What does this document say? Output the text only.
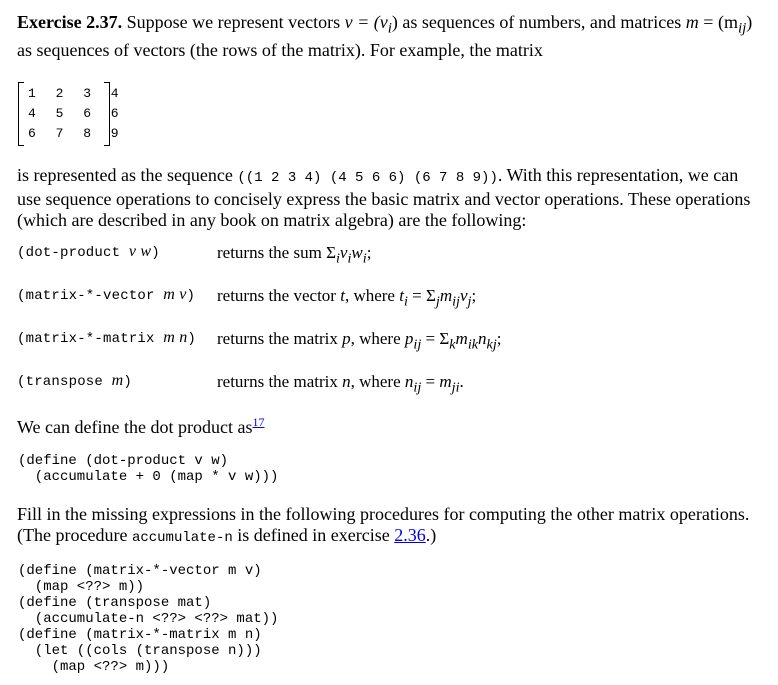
Exercise 2.37. Suppose we represent vectors $v = (v_i)$ as sequences of numbers, and matrices $m = (m_{ij})$ as sequences of vectors (the rows of the matrix). For example, the matrix

1 2 3 4
4 5 6 6
6 7 8 9

is represented as the sequence ((1 2 3 4) (4 5 6 6) (6 7 8 9)). With this representation, we can use sequence operations to concisely express the basic matrix and vector operations. These operations (which are described in any book on matrix algebra) are the following:

(dot-product v w)	returns the sum $\Sigma_iv_iw_i$;
(matrix-*-vector m v) returns the vector t, where $t_i = \Sigma_jm_{ij}v_j$;
(matrix-*-matrix m n) returns the matrix p, where $p_{ij} = \Sigma_km_{ik}n_{kj}$;
(transpose m)	returns the matrix n, where $n_{ij} = m_{ji}$.

We can define the dot product as$^{17}$

(define (dot-product v w)
(accumulate + 0 (map * v w)))

Fill in the missing expressions in the following procedures for computing the other matrix operations. (The procedure accumulate-n is defined in exercise 2.36.)

(define (matrix-*-vector m v)
(map <??> m))
(define (transpose mat)
(accumulate-n <??> <??> mat))
(define (matrix-*-matrix m n)
(let ((cols (transpose n)))
(map <??> m)))
